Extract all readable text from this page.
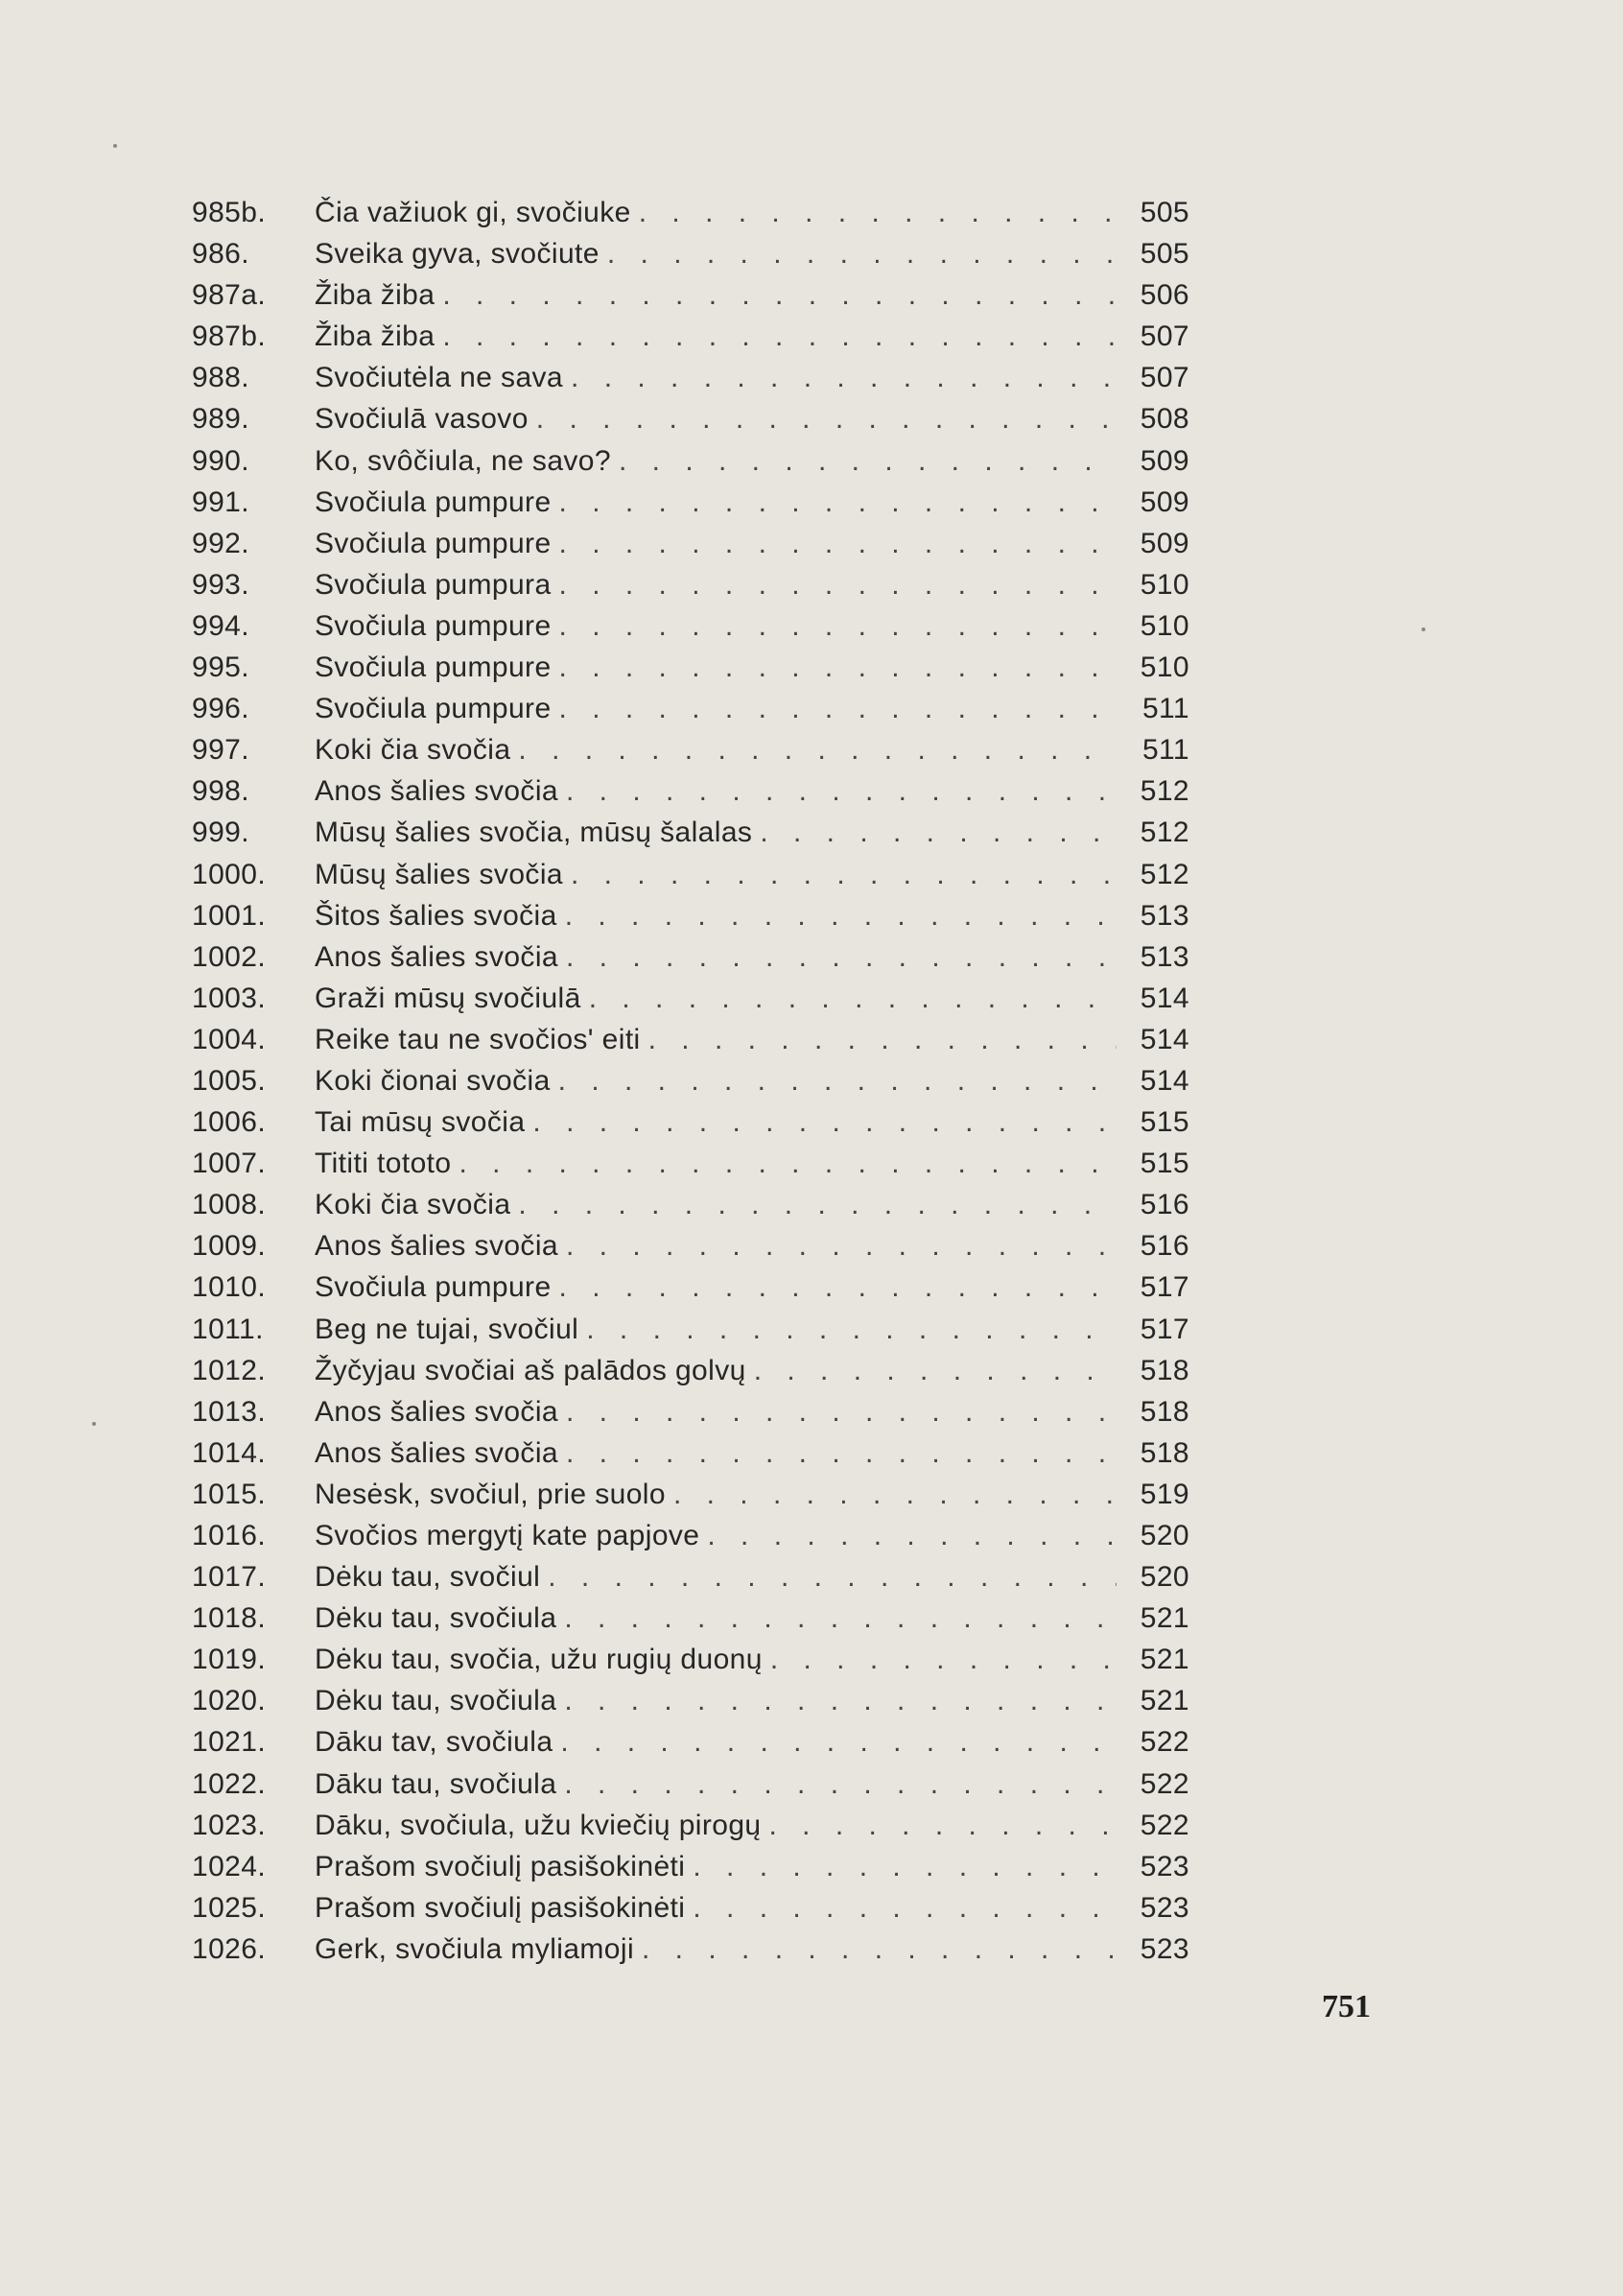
985b.	Čia važiuok gi, svočiuke . . .	505
986.	Sveika gyva, svočiute . . .	505
987a.	Žiba žiba . . .	506
987b.	Žiba žiba . . .	507
988.	Svočiutėla ne sava . . .	507
989.	Svočiulā vasovo . . .	508
990.	Ko, svôčiula, ne savo? . . .	509
991.	Svočiula pumpure . . .	509
992.	Svočiula pumpure . . .	509
993.	Svočiula pumpura . . .	510
994.	Svočiula pumpure . . .	510
995.	Svočiula pumpure . . .	510
996.	Svočiula pumpure . . .	511
997.	Koki čia svočia . . .	511
998.	Anos šalies svočia . . .	512
999.	Mūsų šalies svočia, mūsų šalalas . . .	512
1000.	Mūsų šalies svočia . . .	512
1001.	Šitos šalies svočia . . .	513
1002.	Anos šalies svočia . . .	513
1003.	Graži mūsų svočiulā . . .	514
1004.	Reike tau ne svočios' eiti . . .	514
1005.	Koki čionai svočia . . .	514
1006.	Tai mūsų svočia . . .	515
1007.	Tititi tototo . . .	515
1008.	Koki čia svočia . . .	516
1009.	Anos šalies svočia . . .	516
1010.	Svočiula pumpure . . .	517
1011.	Beg ne tujai, svočiul . . .	517
1012.	Žyčyjau svočiai aš palādos golvų . . .	518
1013.	Anos šalies svočia . . .	518
1014.	Anos šalies svočia . . .	518
1015.	Nesėsk, svočiul, prie suolo . . .	519
1016.	Svočios mergytį kate papjove . . .	520
1017.	Dėku tau, svočiul . . .	520
1018.	Dėku tau, svočiula . . .	521
1019.	Dėku tau, svočia, užu rugių duonų . . .	521
1020.	Dėku tau, svočiula . . .	521
1021.	Dāku tav, svočiula . . .	522
1022.	Dāku tau, svočiula . . .	522
1023.	Dāku, svočiula, užu kviečių pirogų . . .	522
1024.	Prašom svočiulį pasišokinėti . . .	523
1025.	Prašom svočiulį pasišokinėti . . .	523
1026.	Gerk, svočiula myliamoji . . .	523
751
